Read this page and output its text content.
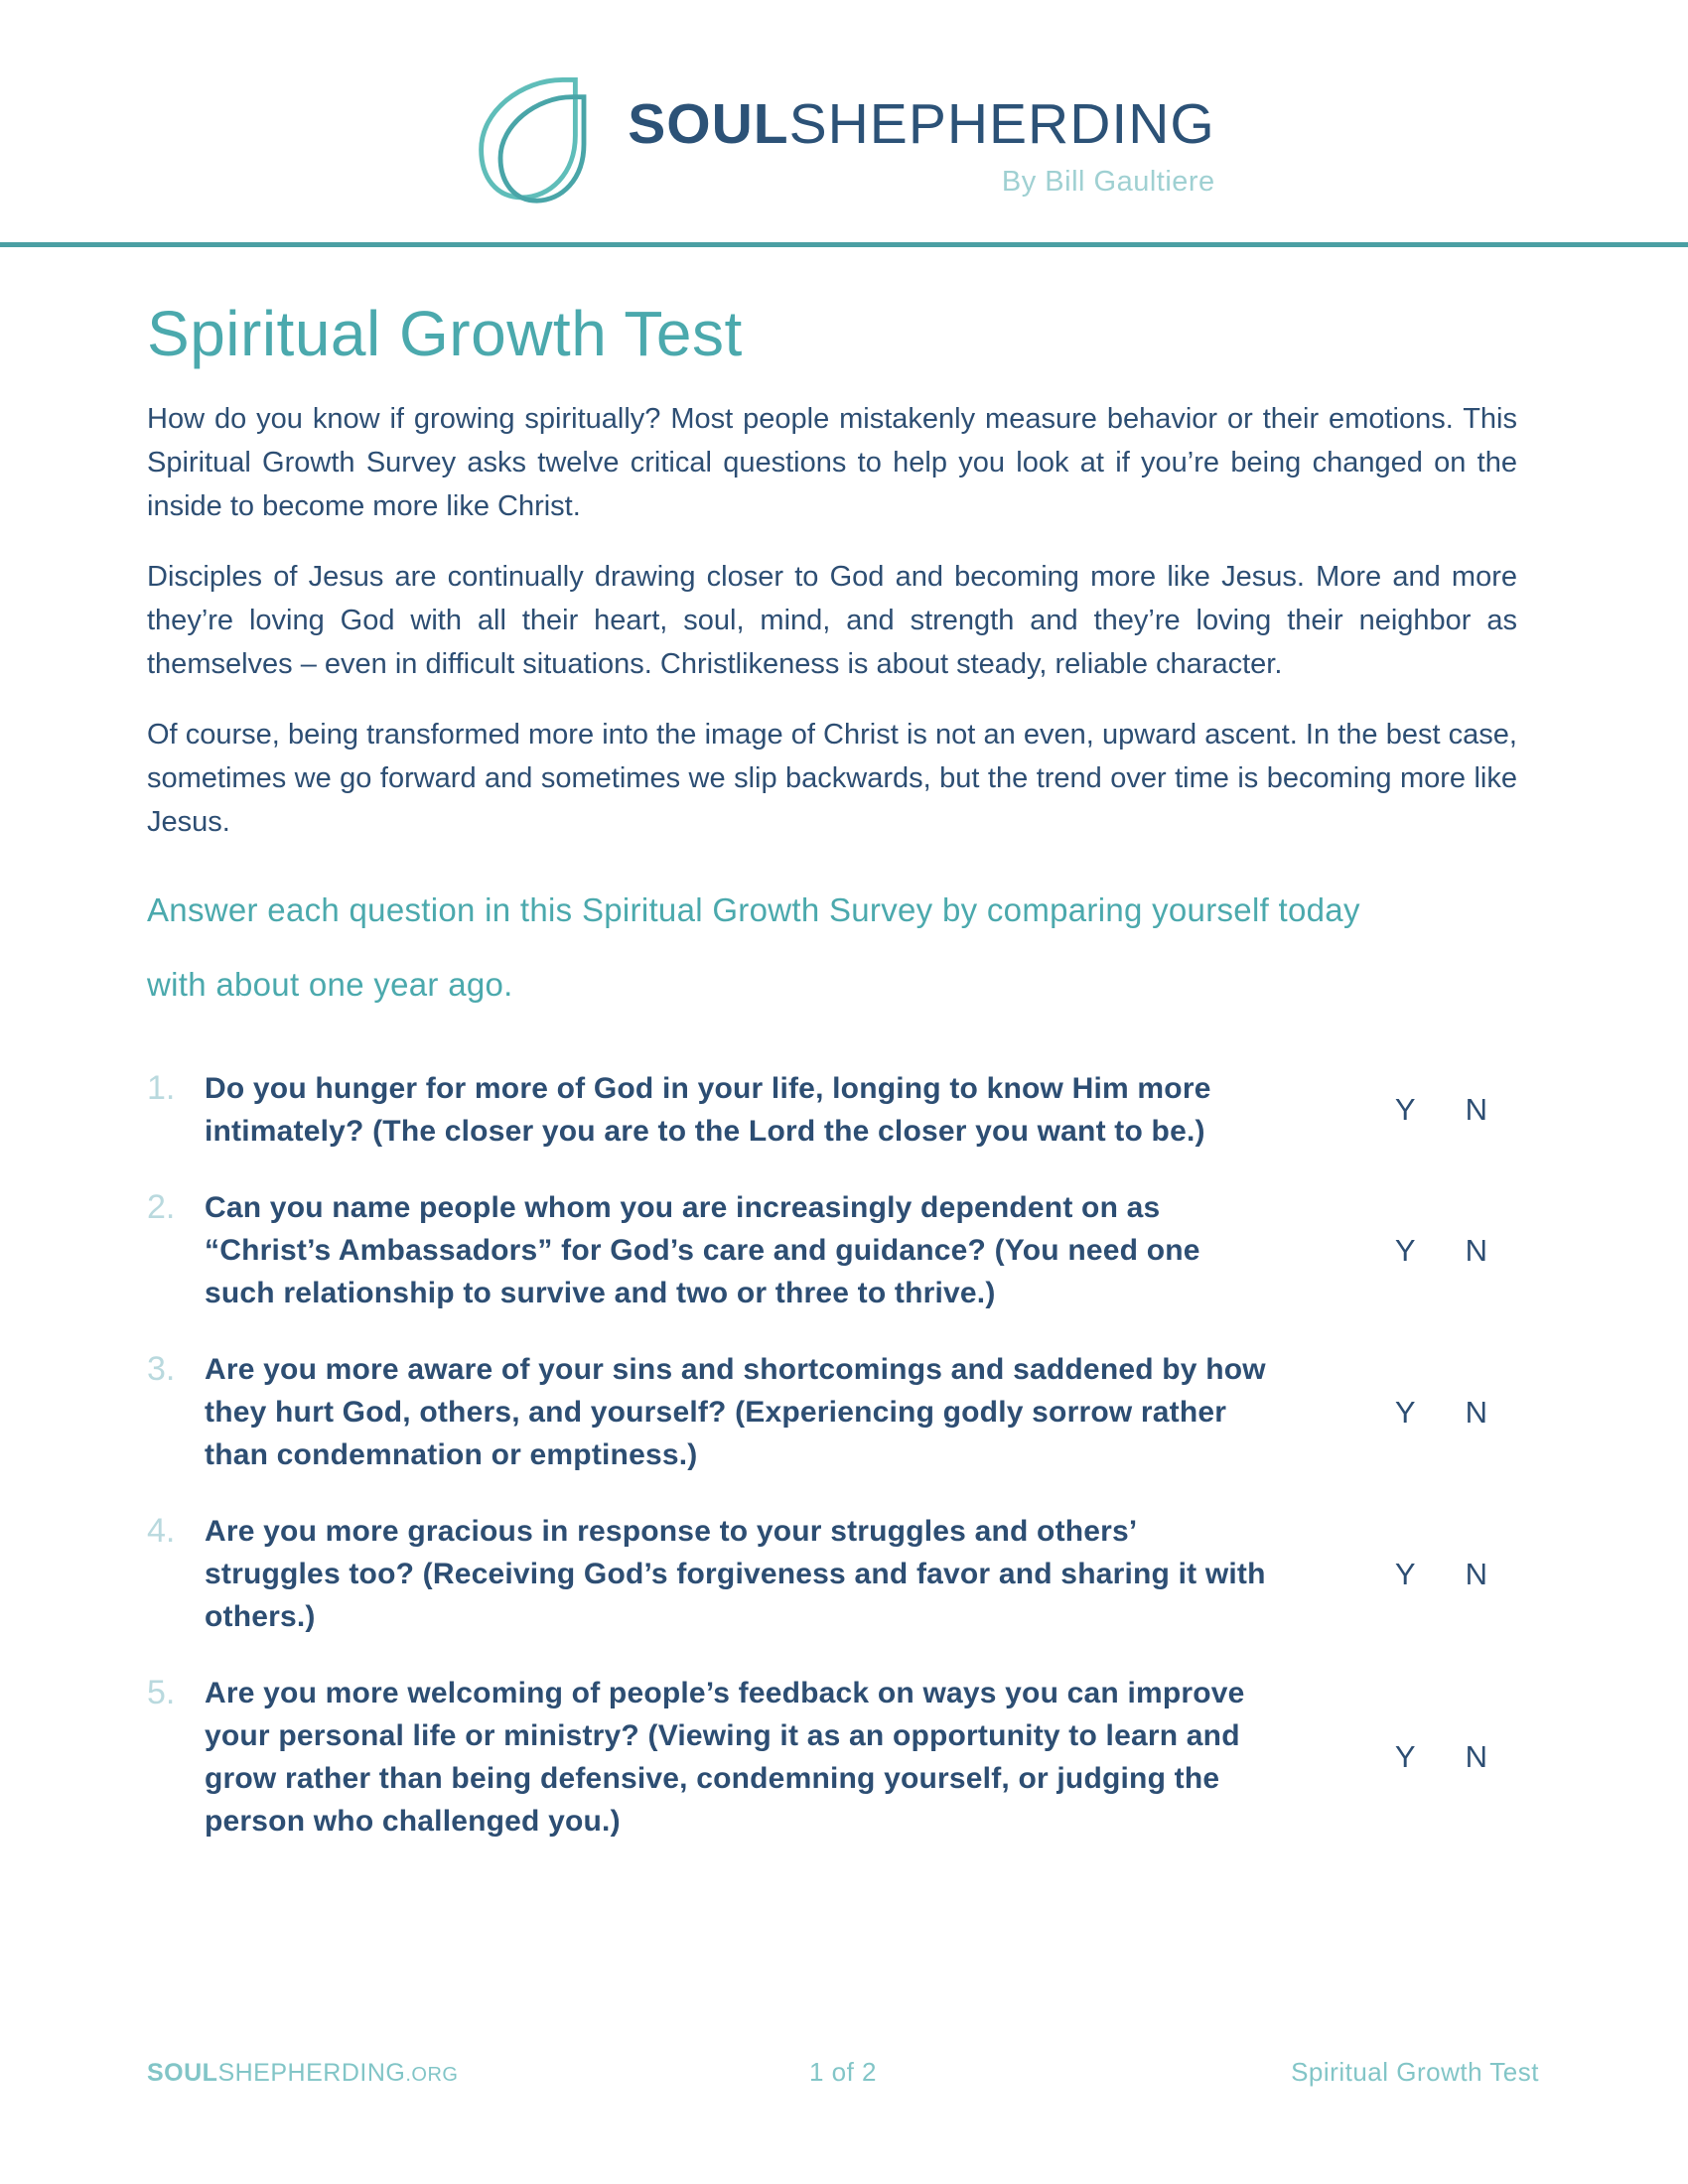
SOULSHEPHERDING
By Bill Gaultiere
Spiritual Growth Test

How do you know if growing spiritually? Most people mistakenly measure behavior or their emotions. This Spiritual Growth Survey asks twelve critical questions to help you look at if you’re being changed on the inside to become more like Christ.

Disciples of Jesus are continually drawing closer to God and becoming more like Jesus. More and more they’re loving God with all their heart, soul, mind, and strength and they’re loving their neighbor as themselves – even in difficult situations. Christlikeness is about steady, reliable character.

Of course, being transformed more into the image of Christ is not an even, upward ascent. In the best case, sometimes we go forward and sometimes we slip backwards, but the trend over time is becoming more like Jesus.

Answer each question in this Spiritual Growth Survey by comparing yourself today
with about one year ago.
1. Do you hunger for more of God in your life, longing to know Him more intimately? (The closer you are to the Lord the closer you want to be.)
Y N
2. Can you name people whom you are increasingly dependent on as “Christ’s Ambassadors” for God’s care and guidance? (You need one such relationship to survive and two or three to thrive.)
Y N
3. Are you more aware of your sins and shortcomings and saddened by how they hurt God, others, and yourself? (Experiencing godly sorrow rather than condemnation or emptiness.)
Y N
4. Are you more gracious in response to your struggles and others’ struggles too? (Receiving God’s forgiveness and favor and sharing it with others.)
Y N
5. Are you more welcoming of people’s feedback on ways you can improve your personal life or ministry? (Viewing it as an opportunity to learn and grow rather than being defensive, condemning yourself, or judging the person who challenged you.)
Y N
SOULSHEPHERDING.ORG	1 of 2	Spiritual Growth Test
